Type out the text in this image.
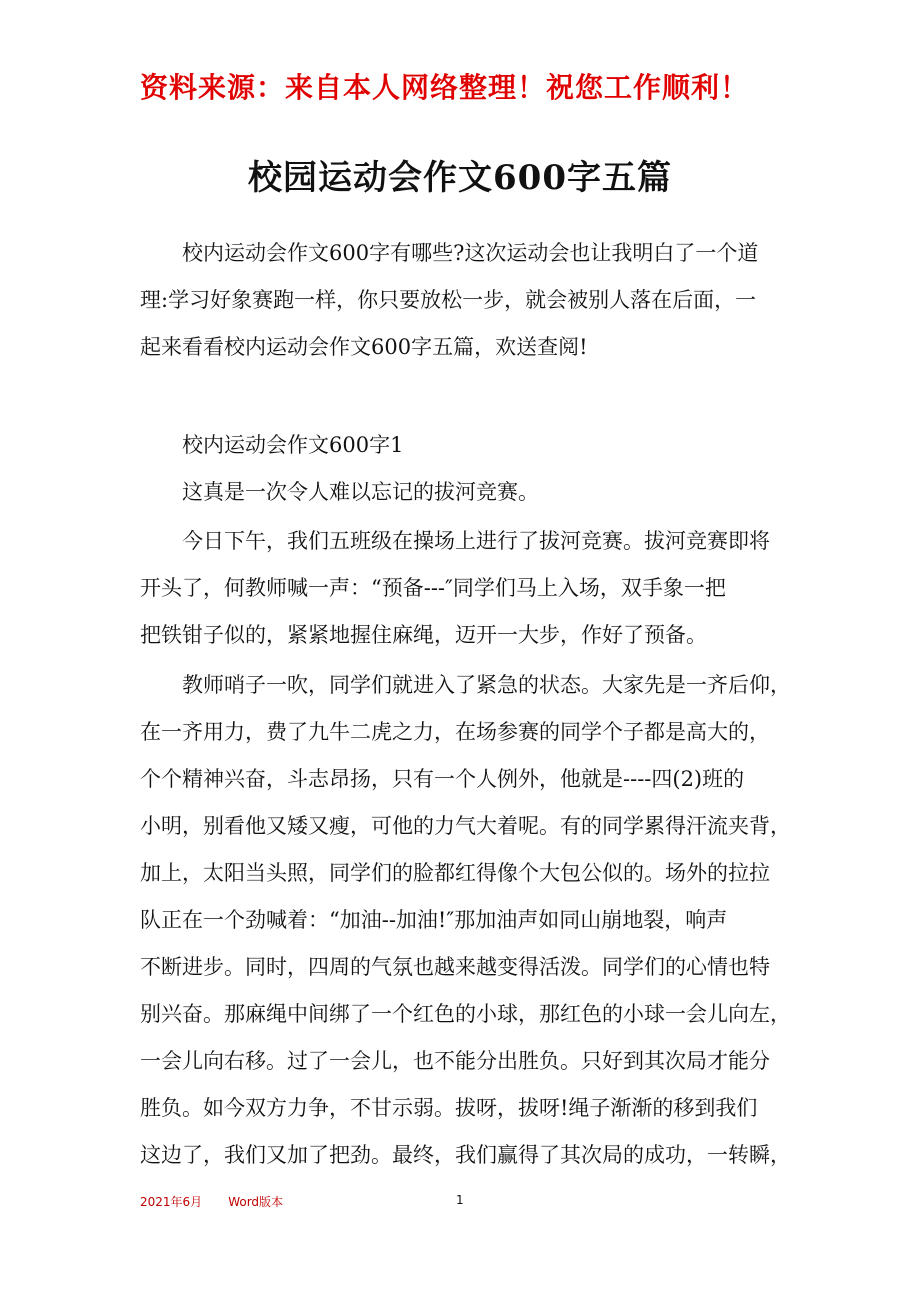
资料来源：来自本人网络整理！祝您工作顺利！
校园运动会作文600字五篇
校内运动会作文600字有哪些?这次运动会也让我明白了一个道
理:学习好象赛跑一样，你只要放松一步，就会被别人落在后面，一
起来看看校内运动会作文600字五篇，欢送查阅!
校内运动会作文600字1
这真是一次令人难以忘记的拔河竞赛。
今日下午，我们五班级在操场上进行了拔河竞赛。拔河竞赛即将
开头了，何教师喊一声：“预备---″同学们马上入场，双手象一把
把铁钳子似的，紧紧地握住麻绳，迈开一大步，作好了预备。
教师哨子一吹，同学们就进入了紧急的状态。大家先是一齐后仰，
在一齐用力，费了九牛二虎之力，在场参赛的同学个子都是高大的，
个个精神兴奋，斗志昂扬，只有一个人例外，他就是----四(2)班的
小明，别看他又矮又瘦，可他的力气大着呢。有的同学累得汗流夹背，
加上，太阳当头照，同学们的脸都红得像个大包公似的。场外的拉拉
队正在一个劲喊着：“加油--加油!″那加油声如同山崩地裂，响声
不断进步。同时，四周的气氛也越来越变得活泼。同学们的心情也特
别兴奋。那麻绳中间绑了一个红色的小球，那红色的小球一会儿向左，
一会儿向右移。过了一会儿，也不能分出胜负。只好到其次局才能分
胜负。如今双方力争，不甘示弱。拔呀，拔呀!绳子渐渐的移到我们
这边了，我们又加了把劲。最终，我们赢得了其次局的成功，一转瞬，
2021年6月 Word版本	1
